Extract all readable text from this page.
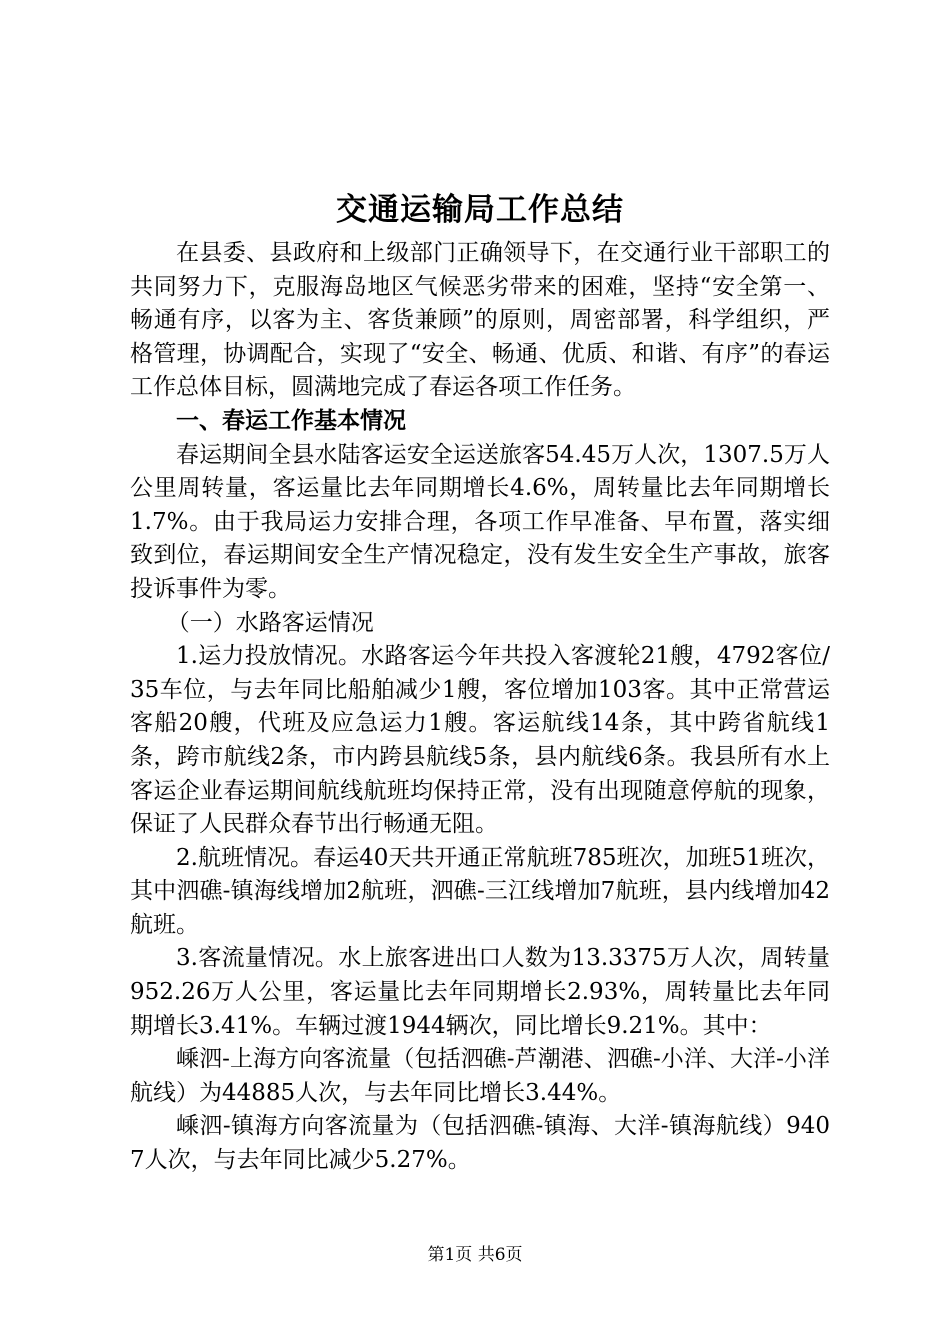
交通运输局工作总结

在县委、县政府和上级部门正确领导下，在交通行业干部职工的共同努力下，克服海岛地区气候恶劣带来的困难，坚持“安全第一、畅通有序，以客为主、客货兼顾”的原则，周密部署，科学组织，严格管理，协调配合，实现了“安全、畅通、优质、和谐、有序”的春运工作总体目标，圆满地完成了春运各项工作任务。

一、春运工作基本情况

春运期间全县水陆客运安全运送旅客54.45万人次，1307.5万人公里周转量，客运量比去年同期增长4.6%，周转量比去年同期增长1.7%。由于我局运力安排合理，各项工作早准备、早布置，落实细致到位，春运期间安全生产情况稳定，没有发生安全生产事故，旅客投诉事件为零。

（一）水路客运情况

1.运力投放情况。水路客运今年共投入客渡轮21艘，4792客位/35车位，与去年同比船舶减少1艘，客位增加103客。其中正常营运客船20艘，代班及应急运力1艘。客运航线14条，其中跨省航线1条，跨市航线2条，市内跨县航线5条，县内航线6条。我县所有水上客运企业春运期间航线航班均保持正常，没有出现随意停航的现象，保证了人民群众春节出行畅通无阻。

2.航班情况。春运40天共开通正常航班785班次，加班51班次，其中泗礁-镇海线增加2航班，泗礁-三江线增加7航班，县内线增加42航班。

3.客流量情况。水上旅客进出口人数为13.3375万人次，周转量952.26万人公里，客运量比去年同期增长2.93%，周转量比去年同期增长3.41%。车辆过渡1944辆次，同比增长9.21%。其中：

嵊泗-上海方向客流量（包括泗礁-芦潮港、泗礁-小洋、大洋-小洋航线）为44885人次，与去年同比增长3.44%。

嵊泗-镇海方向客流量为（包括泗礁-镇海、大洋-镇海航线）9407人次，与去年同比减少5.27%。

第1页 共6页
